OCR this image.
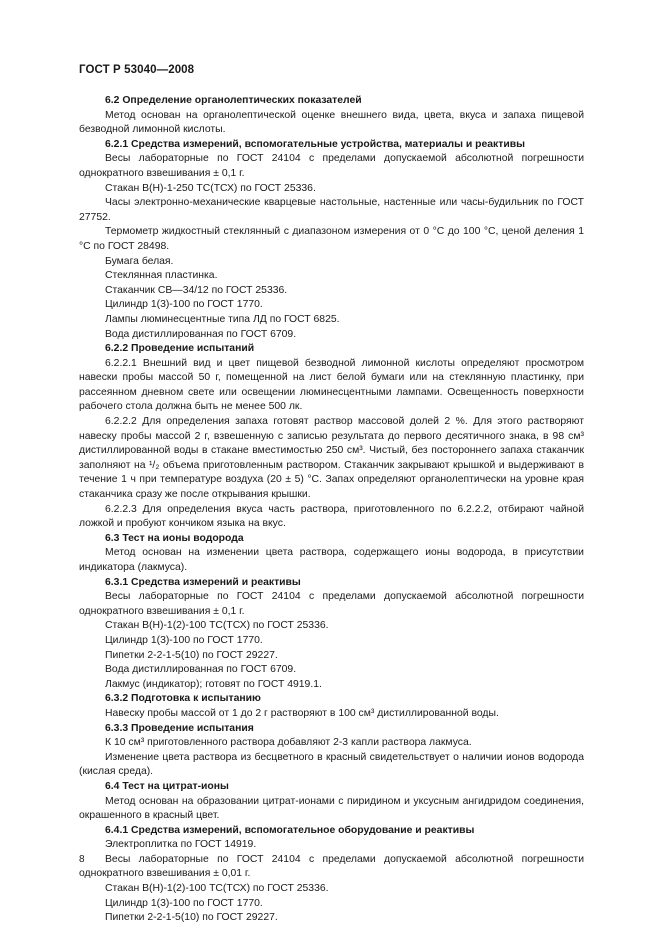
ГОСТ Р 53040—2008

6.2 Определение органолептических показателей

Метод основан на органолептической оценке внешнего вида, цвета, вкуса и запаха пищевой безводной лимонной кислоты.

6.2.1 Средства измерений, вспомогательные устройства, материалы и реактивы

Весы лабораторные по ГОСТ 24104 с пределами допускаемой абсолютной погрешности однократного взвешивания ± 0,1 г.

Стакан В(Н)-1-250 ТС(ТСХ) по ГОСТ 25336.

Часы электронно-механические кварцевые настольные, настенные или часы-будильник по ГОСТ 27752.

Термометр жидкостный стеклянный с диапазоном измерения от 0 °С до 100 °С, ценой деления 1 °С по ГОСТ 28498.

Бумага белая.

Стеклянная пластинка.

Стаканчик СВ—34/12 по ГОСТ 25336.

Цилиндр 1(3)-100 по ГОСТ 1770.

Лампы люминесцентные типа ЛД по ГОСТ 6825.

Вода дистиллированная по ГОСТ 6709.

6.2.2 Проведение испытаний

6.2.2.1 Внешний вид и цвет пищевой безводной лимонной кислоты определяют просмотром навески пробы массой 50 г, помещенной на лист белой бумаги или на стеклянную пластинку, при рассеянном дневном свете или освещении люминесцентными лампами. Освещенность поверхности рабочего стола должна быть не менее 500 лк.

6.2.2.2 Для определения запаха готовят раствор массовой долей 2 %. Для этого растворяют навеску пробы массой 2 г, взвешенную с записью результата до первого десятичного знака, в 98 см³ дистиллированной воды в стакане вместимостью 250 см³. Чистый, без постороннего запаха стаканчик заполняют на ¹/₂ объема приготовленным раствором. Стаканчик закрывают крышкой и выдерживают в течение 1 ч при температуре воздуха (20 ± 5) °С. Запах определяют органолептически на уровне края стаканчика сразу же после открывания крышки.

6.2.2.3 Для определения вкуса часть раствора, приготовленного по 6.2.2.2, отбирают чайной ложкой и пробуют кончиком языка на вкус.

6.3 Тест на ионы водорода

Метод основан на изменении цвета раствора, содержащего ионы водорода, в присутствии индикатора (лакмуса).

6.3.1 Средства измерений и реактивы

Весы лабораторные по ГОСТ 24104 с пределами допускаемой абсолютной погрешности однократного взвешивания ± 0,1 г.

Стакан В(Н)-1(2)-100 ТС(ТСХ) по ГОСТ 25336.

Цилиндр 1(3)-100 по ГОСТ 1770.

Пипетки 2-2-1-5(10) по ГОСТ 29227.

Вода дистиллированная по ГОСТ 6709.

Лакмус (индикатор); готовят по ГОСТ 4919.1.

6.3.2 Подготовка к испытанию

Навеску пробы массой от 1 до 2 г растворяют в 100 см³ дистиллированной воды.

6.3.3 Проведение испытания

К 10 см³ приготовленного раствора добавляют 2-3 капли раствора лакмуса.

Изменение цвета раствора из бесцветного в красный свидетельствует о наличии ионов водорода (кислая среда).

6.4 Тест на цитрат-ионы

Метод основан на образовании цитрат-ионами с пиридином и уксусным ангидридом соединения, окрашенного в красный цвет.

6.4.1 Средства измерений, вспомогательное оборудование и реактивы

Электроплитка по ГОСТ 14919.

Весы лабораторные по ГОСТ 24104 с пределами допускаемой абсолютной погрешности однократного взвешивания ± 0,01 г.

Стакан В(Н)-1(2)-100 ТС(ТСХ) по ГОСТ 25336.

Цилиндр 1(3)-100 по ГОСТ 1770.

Пипетки 2-2-1-5(10) по ГОСТ 29227.

8
